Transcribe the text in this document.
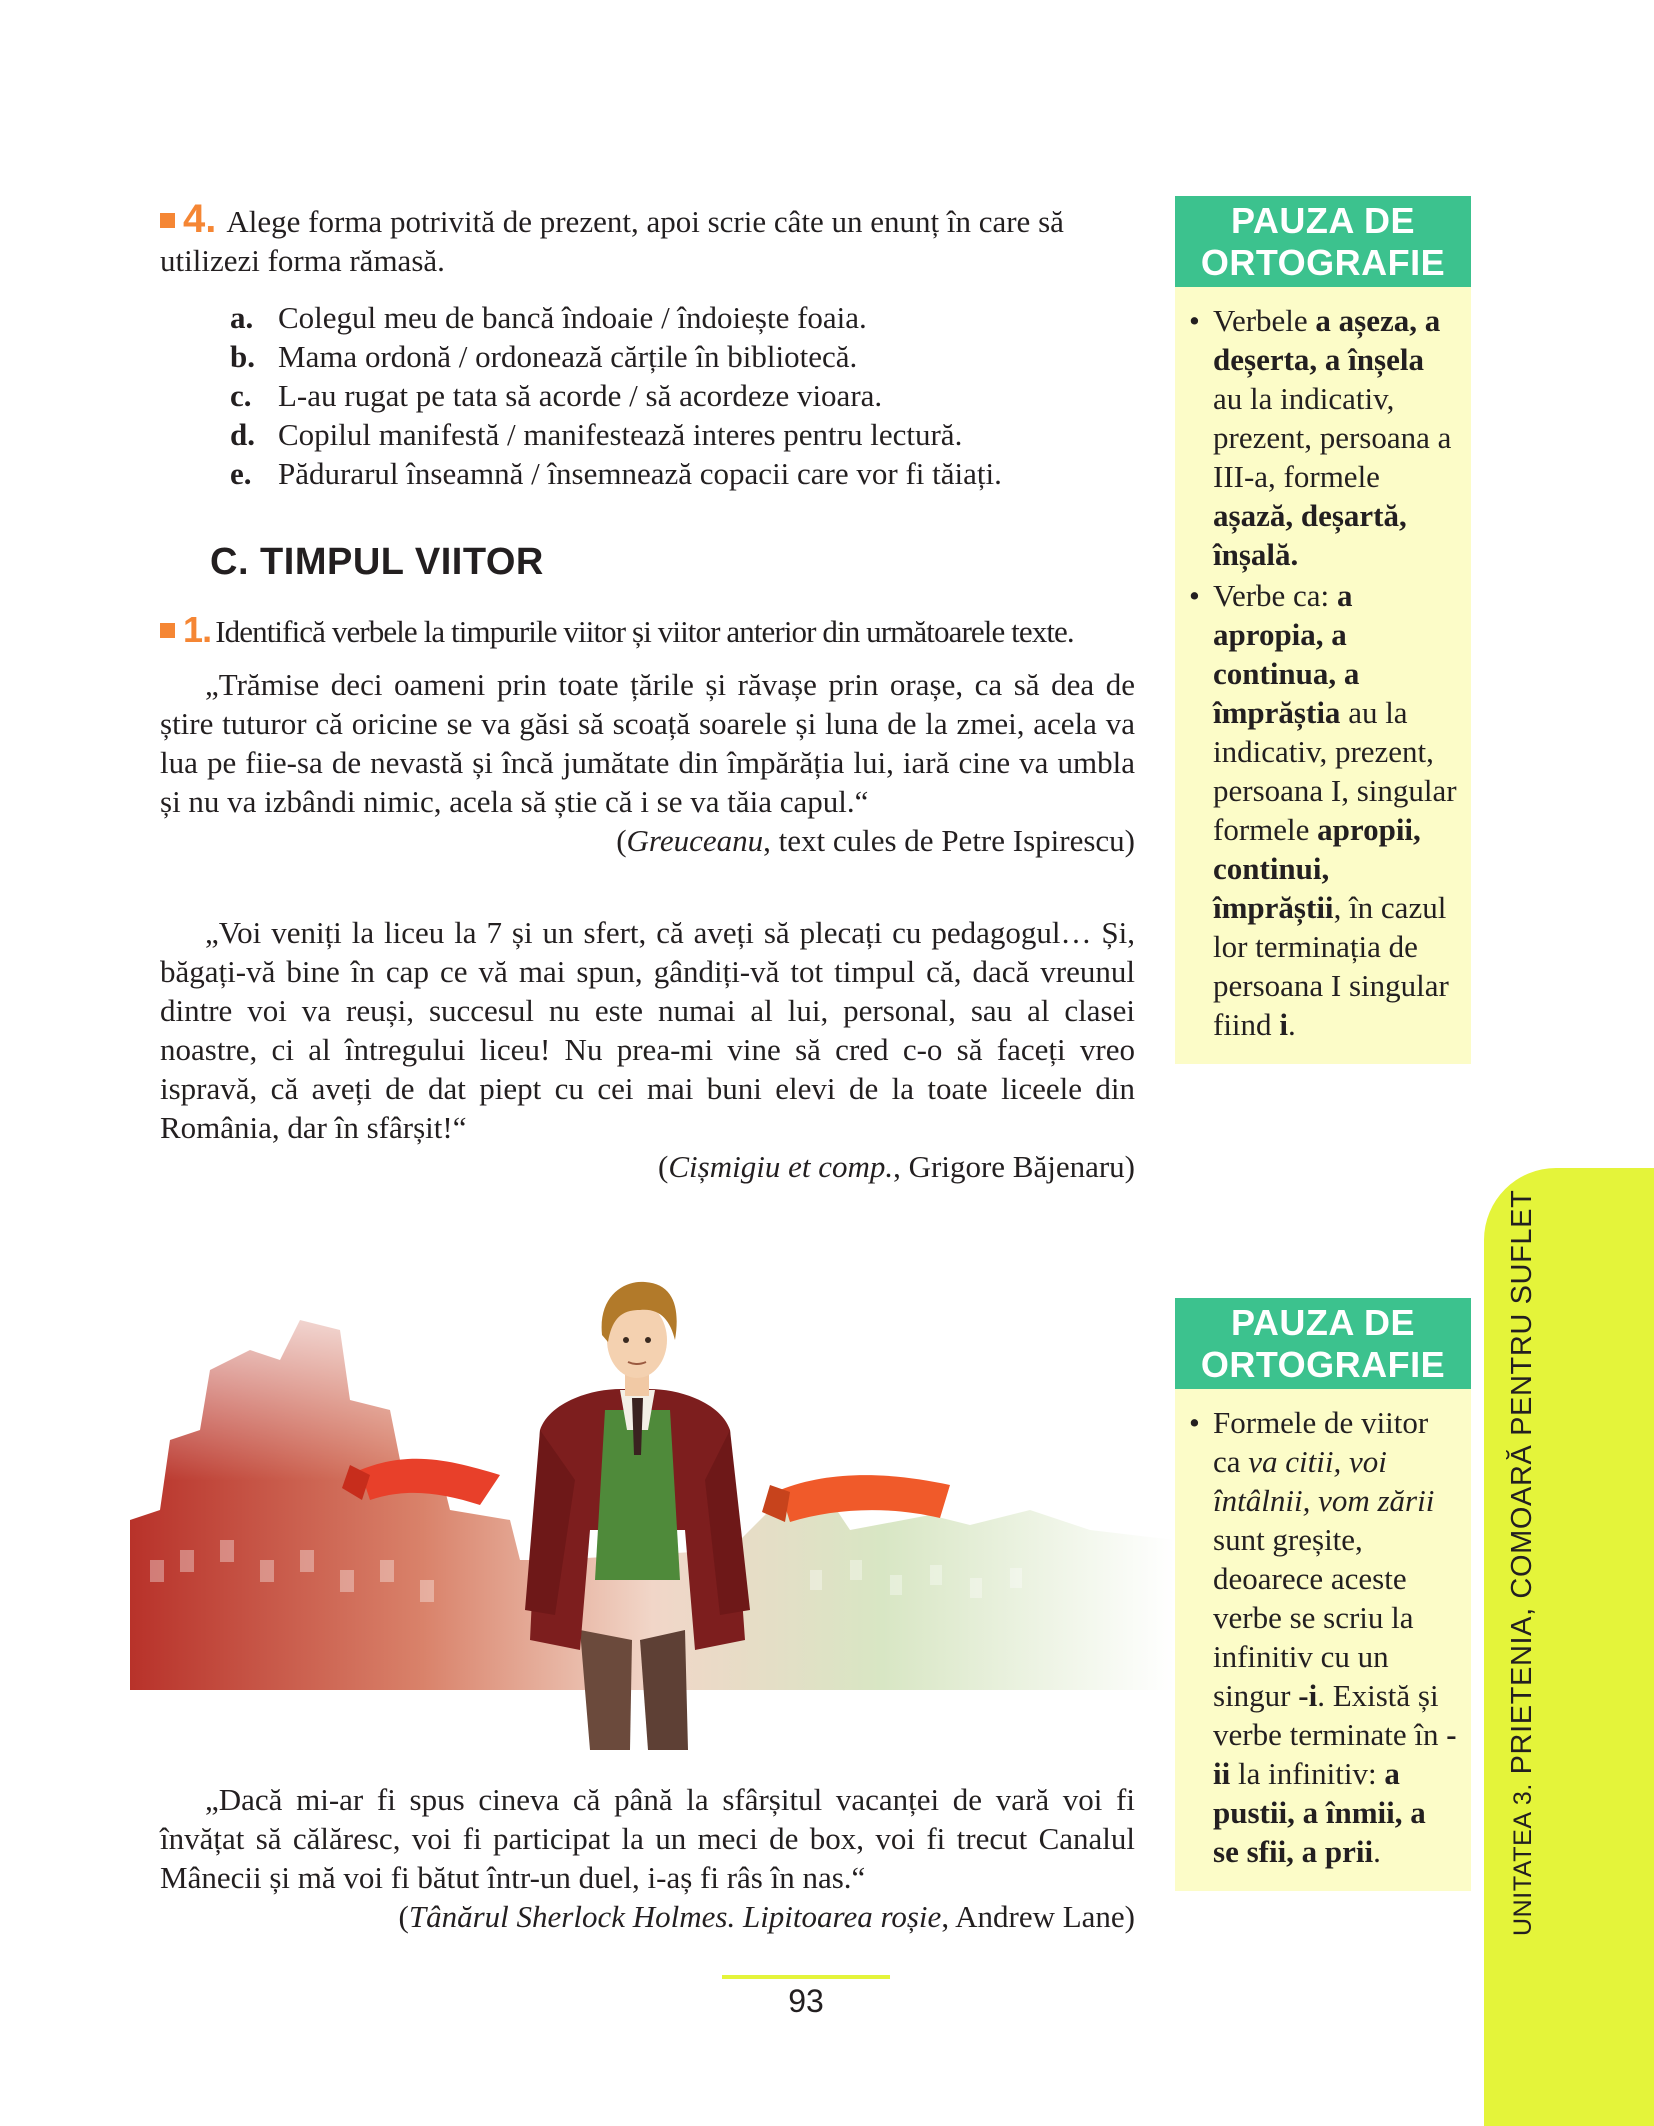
4. Alege forma potrivită de prezent, apoi scrie câte un enunț în care să utilizezi forma rămasă.
a. Colegul meu de bancă îndoaie / îndoiește foaia.
b. Mama ordonă / ordonează cărțile în bibliotecă.
c. L-au rugat pe tata să acorde / să acordeze vioara.
d. Copilul manifestă / manifestează interes pentru lectură.
e. Pădurarul înseamnă / însemnează copacii care vor fi tăiați.
C. TIMPUL VIITOR
1. Identifică verbele la timpurile viitor și viitor anterior din următoarele texte.

„Trămise deci oameni prin toate țările și răvașe prin orașe, ca să dea de știre tuturor că oricine se va găsi să scoață soarele și luna de la zmei, acela va lua pe fiie-sa de nevastă și încă jumătate din împărăția lui, iară cine va umbla și nu va izbândi nimic, acela să știe că i se va tăia capul.“

(Greuceanu, text cules de Petre Ispirescu)

„Voi veniți la liceu la 7 și un sfert, că aveți să plecați cu pedagogul… Și, băgați-vă bine în cap ce vă mai spun, gândiți-vă tot timpul că, dacă vreunul dintre voi va reuși, succesul nu este numai al lui, personal, sau al clasei noastre, ci al întregului liceu! Nu prea-mi vine să cred c-o să faceți vreo ispravă, că aveți de dat piept cu cei mai buni elevi de la toate liceele din România, dar în sfârșit!“

(Cișmigiu et comp., Grigore Băjenaru)

„Dacă mi-ar fi spus cineva că până la sfârșitul vacanței de vară voi fi învățat să călăresc, voi fi participat la un meci de box, voi fi trecut Canalul Mânecii și mă voi fi bătut într-un duel, i-aș fi râs în nas.“

(Tânărul Sherlock Holmes. Lipitoarea roșie, Andrew Lane)

PAUZA DE
ORTOGRAFIE
• Verbele a așeza, a deșerta, a înșela au la indicativ, prezent, persoana a III-a, formele așază, deșartă, înșală.
• Verbe ca: a apropia, a continua, a împrăștia au la indicativ, prezent, persoana I, singular formele apropii, continui, împrăștii, în cazul lor terminația de persoana I singular fiind i.
PAUZA DE
ORTOGRAFIE
• Formele de viitor ca va citii, voi întâlnii, vom zării sunt greșite, deoarece aceste verbe se scriu la infinitiv cu un singur -i. Există și verbe terminate în -ii la infinitiv: a pustii, a înmii, a se sfii, a prii.	UNITATEA 3. PRIETENIA, COMOARĂ PENTRU SUFLET
93
